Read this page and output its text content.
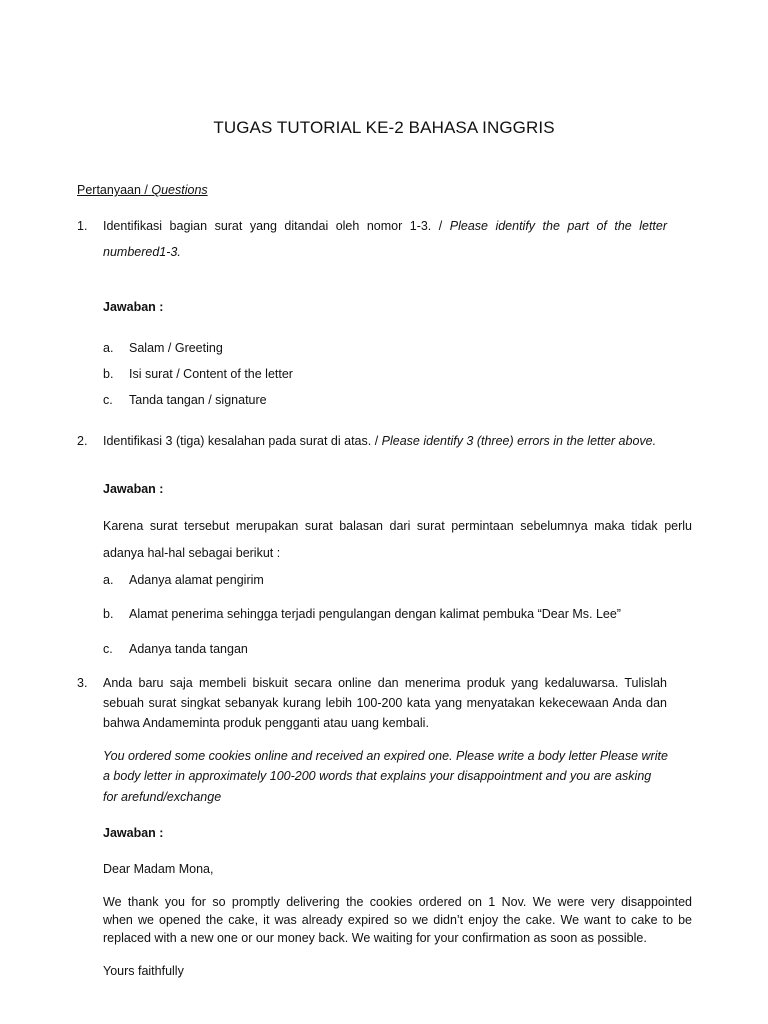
TUGAS TUTORIAL KE-2 BAHASA INGGRIS
Pertanyaan / Questions
1. Identifikasi bagian surat yang ditandai oleh nomor 1-3. / Please identify the part of the letter
numbered1-3.
Jawaban :
a. Salam / Greeting
b. Isi surat / Content of the letter
c. Tanda tangan / signature
2. Identifikasi 3 (tiga) kesalahan pada surat di atas. / Please identify 3 (three) errors in the letter above.
Jawaban :
Karena surat tersebut merupakan surat balasan dari surat permintaan sebelumnya maka tidak perlu
adanya hal-hal sebagai berikut :
a. Adanya alamat pengirim
b. Alamat penerima sehingga terjadi pengulangan dengan kalimat pembuka “Dear Ms. Lee”
c. Adanya tanda tangan
3. Anda baru saja membeli biskuit secara online dan menerima produk yang kedaluwarsa. Tulislah
sebuah surat singkat sebanyak kurang lebih 100-200 kata yang menyatakan kekecewaan Anda dan
bahwa Andameminta produk pengganti atau uang kembali.
You ordered some cookies online and received an expired one. Please write a body letter Please write
a body letter in approximately 100-200 words that explains your disappointment and you are asking
for arefund/exchange
Jawaban :
Dear Madam Mona,
We thank you for so promptly delivering the cookies ordered on 1 Nov. We were very disappointed
when we opened the cake, it was already expired so we didn’t enjoy the cake. We want to cake to be
replaced with a new one or our money back. We waiting for your confirmation as soon as possible.
Yours faithfully
